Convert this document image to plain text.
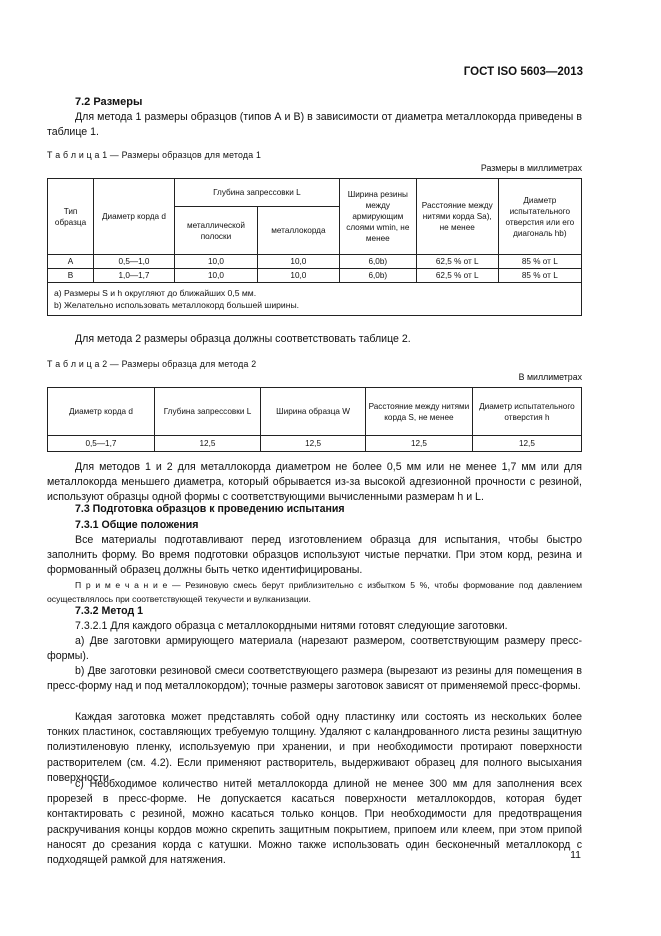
ГОСТ ISO 5603—2013
7.2 Размеры
Для метода 1 размеры образцов (типов А и В) в зависимости от диаметра металлокорда приведены в таблице 1.
Т а б л и ц а 1 — Размеры образцов для метода 1
Размеры в миллиметрах
Тип образца	Диаметр корда d	Глубина запрессовки L		Ширина резины между армирующим слоями wmin, не менее	Расстояние между нитями корда Sa), не менее	Диаметр испытательного отверстия или его диагональ hb)
		металлической полоски	металлокорда			
А	0,5—1,0	10,0	10,0	6,0b)	62,5 % от L	85 % от L
В	1,0—1,7	10,0	10,0	6,0b)	62,5 % от L	85 % от L

a) Размеры S и h округляют до ближайших 0,5 мм.
b) Желательно использовать металлокорд большей ширины.						
Для метода 2 размеры образца должны соответствовать таблице 2.
Т а б л и ц а 2 — Размеры образца для метода 2
В миллиметрах
Диаметр корда d	Глубина запрессовки L	Ширина образца W	Расстояние между нитями корда S, не менее	Диаметр испытательного отверстия h
0,5—1,7	12,5	12,5	12,5	12,5
Для методов 1 и 2 для металлокорда диаметром не более 0,5 мм или не менее 1,7 мм или для металлокорда меньшего диаметра, который обрывается из-за высокой адгезионной прочности с резиной, используют образцы одной формы с соответствующими вычисленными размерам h и L.
7.3 Подготовка образцов к проведению испытания
7.3.1 Общие положения
Все материалы подготавливают перед изготовлением образца для испытания, чтобы быстро заполнить форму. Во время подготовки образцов используют чистые перчатки. При этом корд, резина и формованный образец должны быть четко идентифицированы.
П р и м е ч а н и е — Резиновую смесь берут приблизительно с избытком 5 %, чтобы формование под давлением осуществлялось при соответствующей текучести и вулканизации.
7.3.2 Метод 1
7.3.2.1 Для каждого образца с металлокордными нитями готовят следующие заготовки.
а) Две заготовки армирующего материала (нарезают размером, соответствующим размеру пресс-формы).
b) Две заготовки резиновой смеси соответствующего размера (вырезают из резины для помещения в пресс-форму над и под металлокордом); точные размеры заготовок зависят от применяемой пресс-формы.
Каждая заготовка может представлять собой одну пластинку или состоять из нескольких более тонких пластинок, составляющих требуемую толщину. Удаляют с каландрованного листа резины защитную полиэтиленовую пленку, используемую при хранении, и при необходимости протирают поверхности растворителем (см. 4.2). Если применяют растворитель, выдерживают образец для полного высыхания поверхности.
с) Необходимое количество нитей металлокорда длиной не менее 300 мм для заполнения всех прорезей в пресс-форме. Не допускается касаться поверхности металлокордов, которая будет контактировать с резиной, можно касаться только концов. При необходимости для предотвращения раскручивания концы кордов можно скрепить защитным покрытием, припоем или клеем, при этом припой наносят до срезания корда с катушки. Можно также использовать один бесконечный металлокорд с подходящей рамкой для натяжения.	11
